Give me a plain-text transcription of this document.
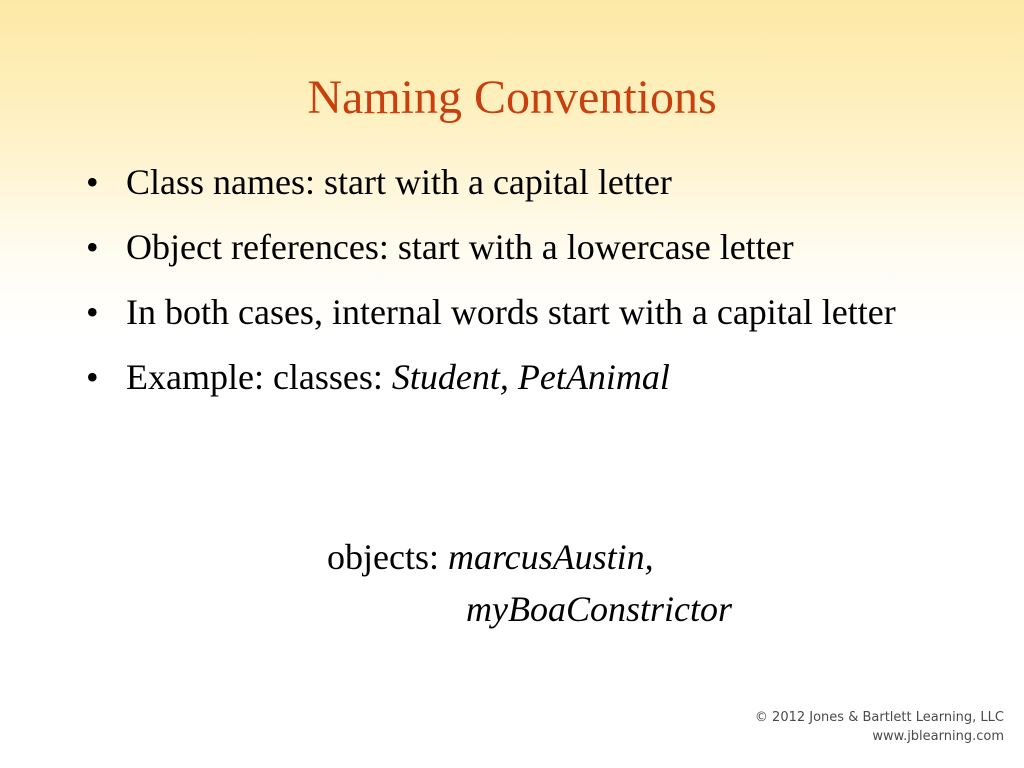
Naming Conventions
• Class names: start with a capital letter
• Object references: start with a lowercase letter
• In both cases, internal words start with a capital letter
• Example: classes: Student, PetAnimal
objects: marcusAustin,
myBoaConstrictor
© 2012 Jones & Bartlett Learning, LLC
www.jblearning.com
